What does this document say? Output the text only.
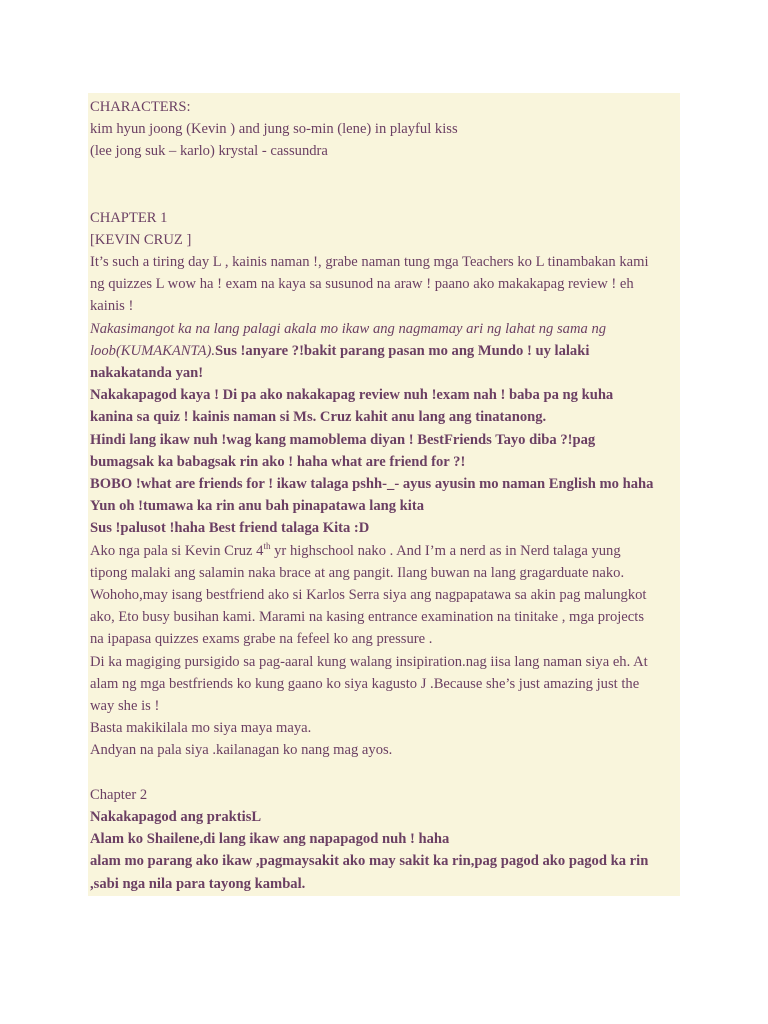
CHARACTERS:
kim hyun joong (Kevin ) and jung so-min (lene) in playful kiss
(lee jong suk – karlo) krystal - cassundra
CHAPTER 1
[KEVIN CRUZ ]
It’s such a tiring day L , kainis naman !, grabe naman tung mga Teachers ko L tinambakan kami
ng quizzes L wow ha ! exam na kaya sa susunod na araw ! paano ako makakapag review ! eh
kainis !
Nakasimangot ka na lang palagi akala mo ikaw ang nagmamay ari ng lahat ng sama ng
loob(KUMAKANTA).Sus !anyare ?!bakit parang pasan mo ang Mundo ! uy lalaki
nakakatanda yan!
Nakakapagod kaya ! Di pa ako nakakapag review nuh !exam nah ! baba pa ng kuha
kanina sa quiz ! kainis naman si Ms. Cruz kahit anu lang ang tinatanong.
Hindi lang ikaw nuh !wag kang mamoblema diyan ! BestFriends Tayo diba ?!pag
bumagsak ka babagsak rin ako ! haha what are friend for ?!
BOBO !what are friends for ! ikaw talaga pshh-_- ayus ayusin mo naman English mo haha
Yun oh !tumawa ka rin anu bah pinapatawa lang kita
Sus !palusot !haha Best friend talaga Kita :D
Ako nga pala si Kevin Cruz 4th yr highschool nako . And I’m a nerd as in Nerd talaga yung
tipong malaki ang salamin naka brace at ang pangit. Ilang buwan na lang gragarduate nako.
Wohoho,may isang bestfriend ako si Karlos Serra siya ang nagpapatawa sa akin pag malungkot
ako, Eto busy busihan kami. Marami na kasing entrance examination na tinitake , mga projects
na ipapasa quizzes exams grabe na fefeel ko ang pressure .
Di ka magiging pursigido sa pag-aaral kung walang insipiration.nag iisa lang naman siya eh. At
alam ng mga bestfriends ko kung gaano ko siya kagusto J .Because she’s just amazing just the
way she is !
Basta makikilala mo siya maya maya.
Andyan na pala siya .kailanagan ko nang mag ayos.
Chapter 2
Nakakapagod ang praktisL
Alam ko Shailene,di lang ikaw ang napapagod nuh ! haha
alam mo parang ako ikaw ,pagmaysakit ako may sakit ka rin,pag pagod ako pagod ka rin
,sabi nga nila para tayong kambal.
